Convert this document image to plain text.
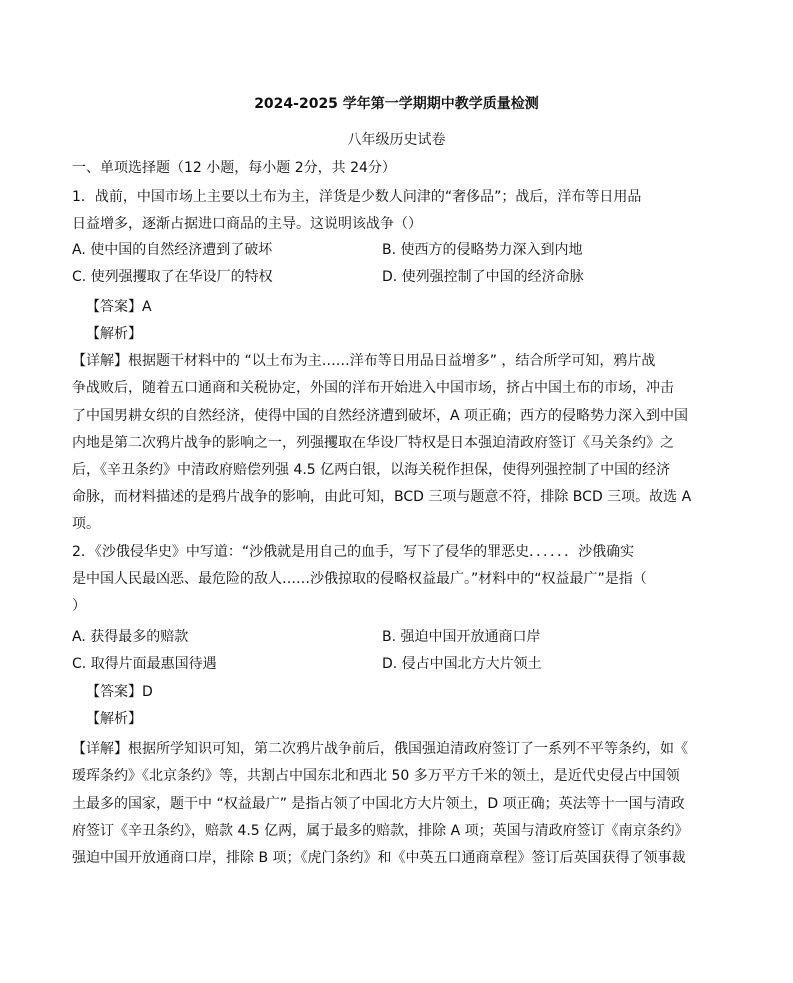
2024-2025 学年第一学期期中教学质量检测
八年级历史试卷
一、单项选择题（12 小题，每小题 2分，共 24分）
1．战前，中国市场上主要以土布为主，洋货是少数人问津的“奢侈品”；战后，洋布等日用品
日益增多，逐渐占据进口商品的主导。这说明该战争（）
A. 使中国的自然经济遭到了破坏	B. 使西方的侵略势力深入到内地
C. 使列强攫取了在华设厂的特权	D. 使列强控制了中国的经济命脉
【答案】A
【解析】
【详解】根据题干材料中的 “以土布为主……洋布等日用品日益增多” ，结合所学可知，鸦片战
争战败后，随着五口通商和关税协定，外国的洋布开始进入中国市场，挤占中国土布的市场，冲击
了中国男耕女织的自然经济，使得中国的自然经济遭到破坏，A 项正确；西方的侵略势力深入到中国
内地是第二次鸦片战争的影响之一，列强攫取在华设厂特权是日本强迫清政府签订《马关条约》之
后，《辛丑条约》中清政府赔偿列强 4.5 亿两白银，以海关税作担保，使得列强控制了中国的经济
命脉，而材料描述的是鸦片战争的影响，由此可知，BCD 三项与题意不符，排除 BCD 三项。故选 A
项。
2．《沙俄侵华史》中写道：“沙俄就是用自己的血手，写下了侵华的罪恶史．．．．．．沙俄确实
是中国人民最凶恶、最危险的敌人……沙俄掠取的侵略权益最广。”材料中的“权益最广”是指（
）
A. 获得最多的赔款	B. 强迫中国开放通商口岸
C. 取得片面最惠国待遇	D. 侵占中国北方大片领土
【答案】D
【解析】
【详解】根据所学知识可知，第二次鸦片战争前后，俄国强迫清政府签订了一系列不平等条约，如《
瑷珲条约》《北京条约》等，共割占中国东北和西北 50 多万平方千米的领土，是近代史侵占中国领
土最多的国家，题干中 “权益最广” 是指占领了中国北方大片领土，D 项正确；英法等十一国与清政
府签订《辛丑条约》，赔款 4.5 亿两，属于最多的赔款，排除 A 项；英国与清政府签订《南京条约》
强迫中国开放通商口岸，排除 B 项；《虎门条约》和《中英五口通商章程》签订后英国获得了领事裁
